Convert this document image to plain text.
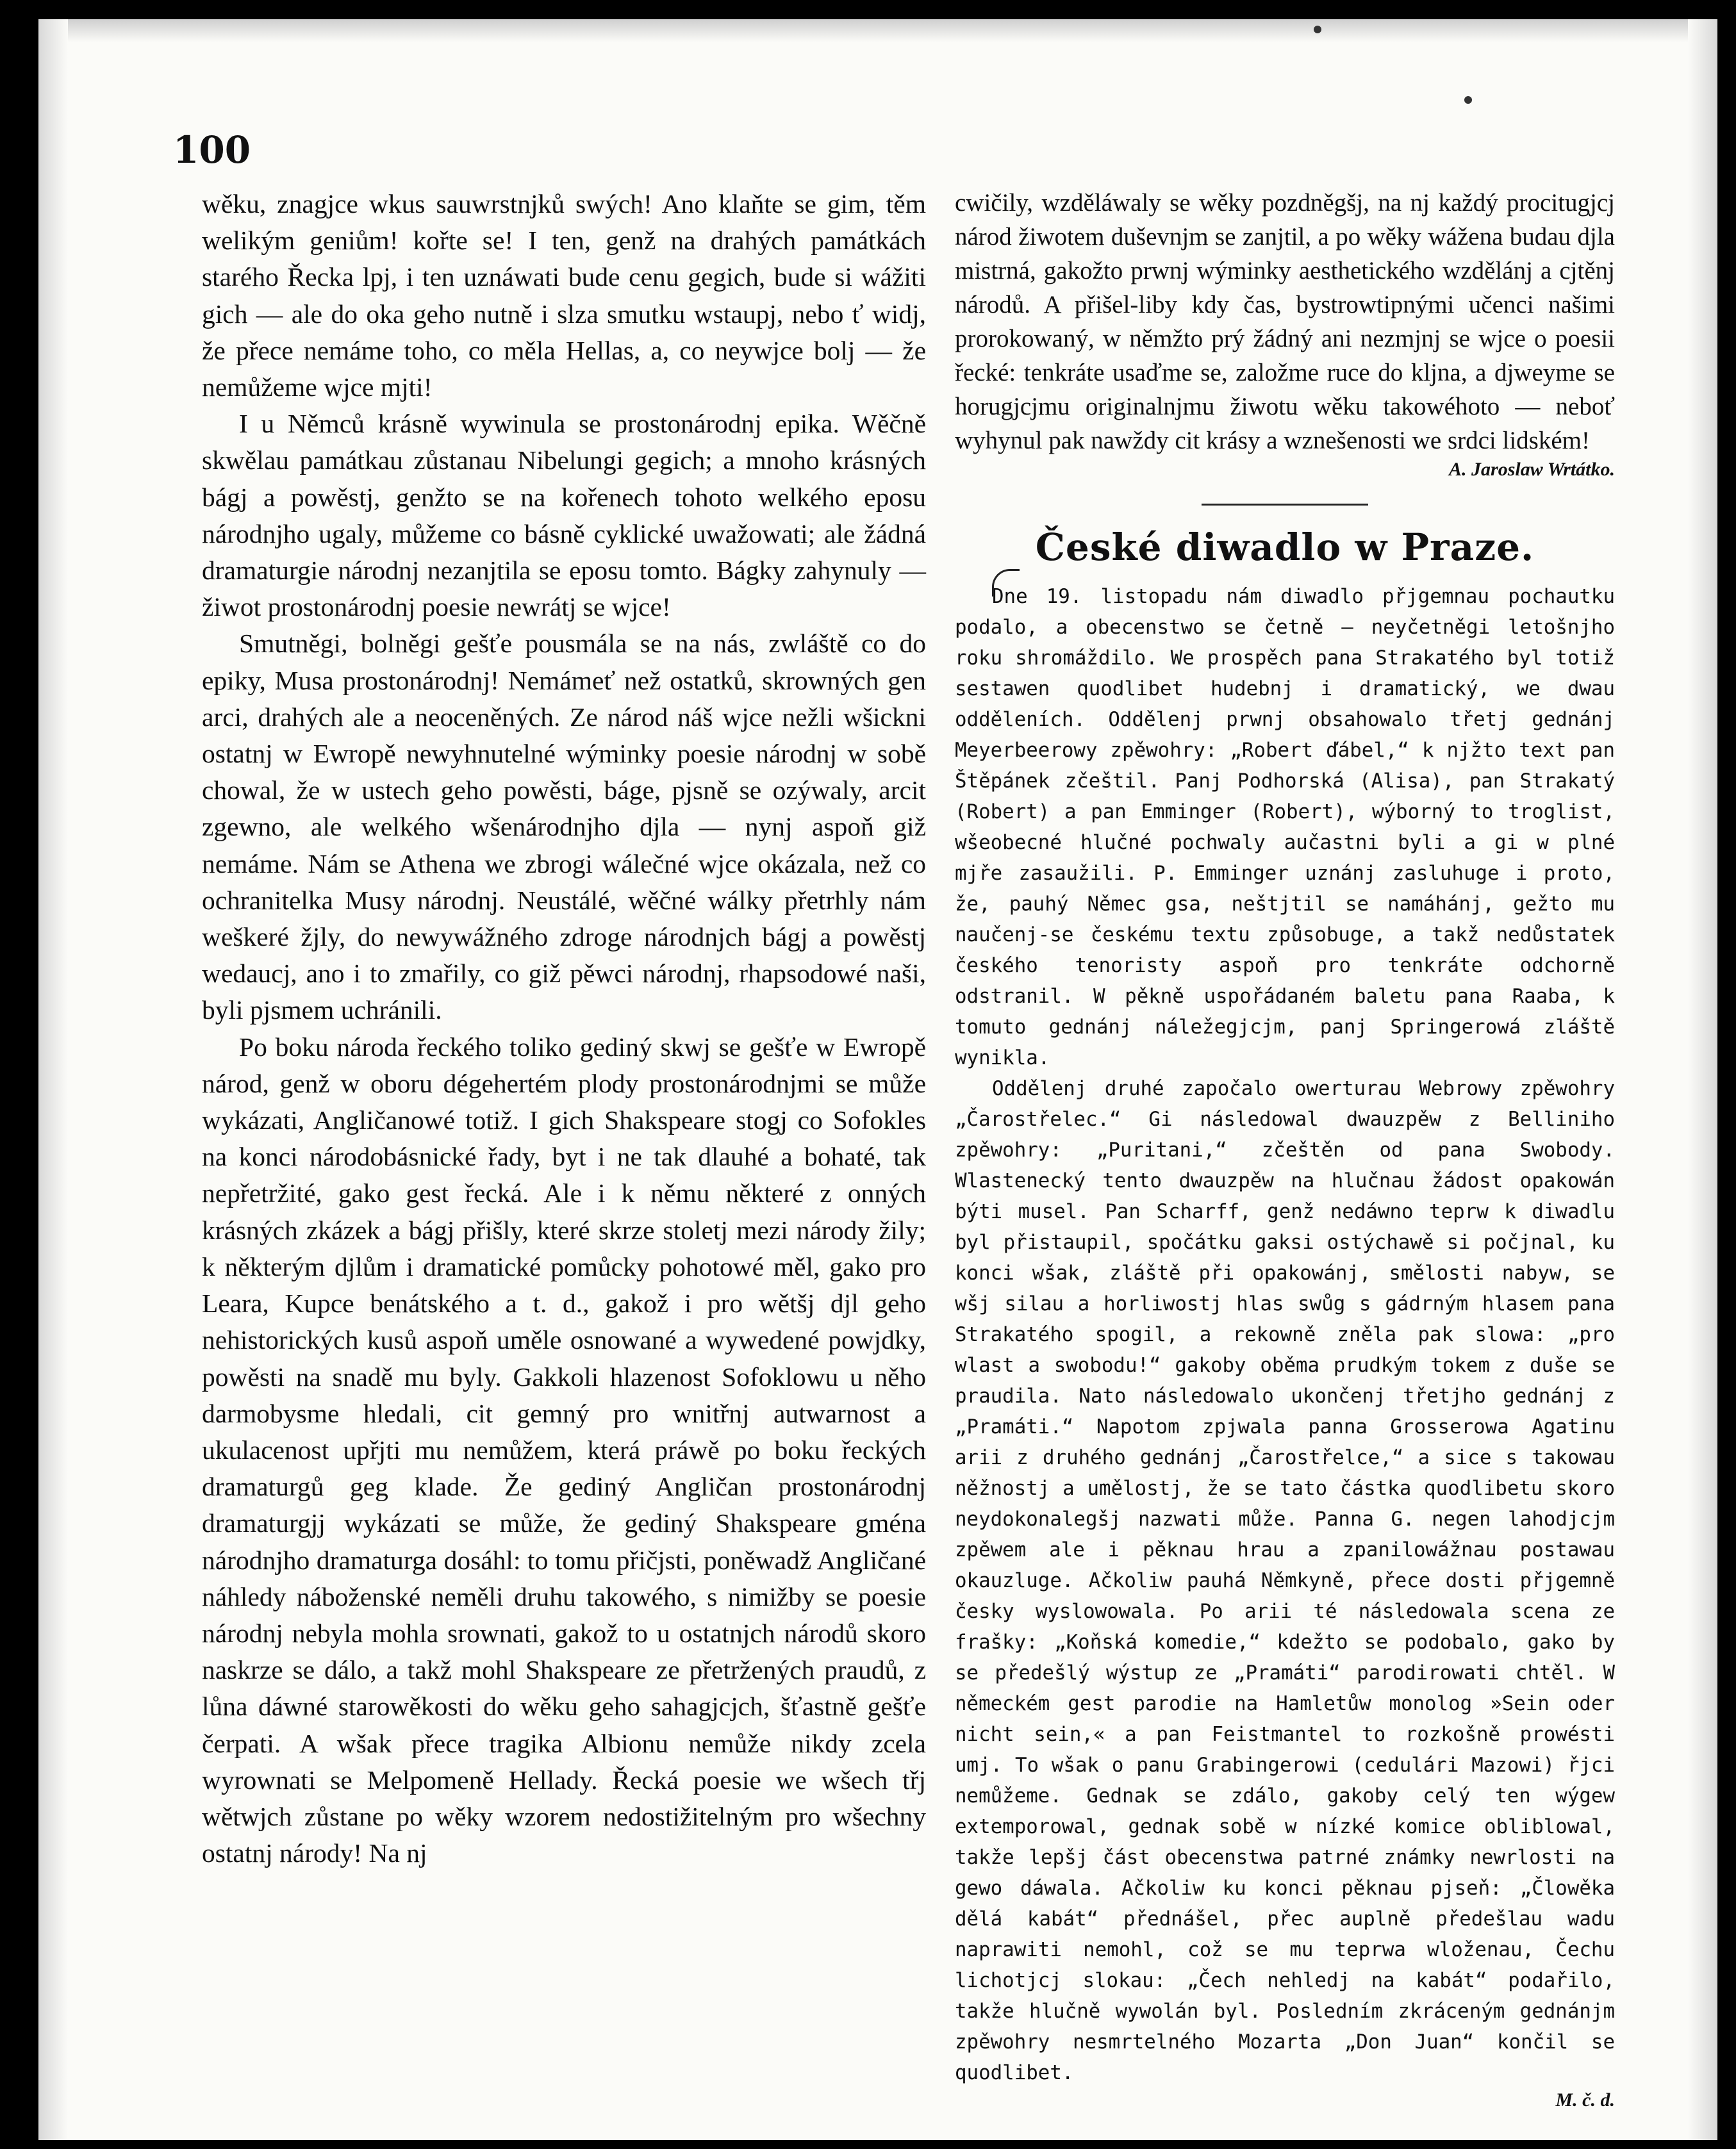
100

wěku, znagjce wkus sauwrstnjků swých! Ano klaňte se gim, těm welikým geniům! kořte se! I ten, genž na drahých památkách starého Řecka lpj, i ten uznáwati bude cenu gegich, bude si wážiti gich — ale do oka geho nutně i slza smutku wstaupj, nebo ť widj, že přece nemáme toho, co měla Hellas, a, co neywjce bolj — že nemůžeme wjce mjti!

I u Němců krásně wywinula se prostonárodnj epika. Wěčně skwělau památkau zůstanau Nibelungi gegich; a mnoho krásných bágj a powěstj, genžto se na kořenech tohoto welkého eposu národnjho ugaly, můžeme co básně cyklické uwažowati; ale žádná dramaturgie národnj nezanjtila se eposu tomto. Bágky zahynuly — žiwot prostonárodnj poesie newrátj se wjce!

Smutněgi, bolněgi gešťe pousmála se na nás, zwláště co do epiky, Musa prostonárodnj! Nemámeť než ostatků, skrowných gen arci, drahých ale a neoceněných. Ze národ náš wjce nežli wšickni ostatnj w Ewropě newyhnutelné wýminky poesie národnj w sobě chowal, že w ustech geho powěsti, báge, pjsně se ozýwaly, arcit zgewno, ale welkého wšenárodnjho djla — nynj aspoň giž nemáme. Nám se Athena we zbrogi wálečné wjce okázala, než co ochranitelka Musy národnj. Neustálé, wěčné wálky přetrhly nám weškeré žjly, do newywážného zdroge národnjch bágj a powěstj wedaucj, ano i to zmařily, co giž pěwci národnj, rhapsodowé naši, byli pjsmem uchránili.

Po boku národa řeckého toliko gediný skwj se gešťe w Ewropě národ, genž w oboru dégehertém plody prostonárodnjmi se může wykázati, Angličanowé totiž. I gich Shakspeare stogj co Sofokles na konci národobásnické řady, byt i ne tak dlauhé a bohaté, tak nepřetržité, gako gest řecká. Ale i k němu některé z onných krásných zkázek a bágj přišly, které skrze stoletj mezi národy žily; k některým djlům i dramatické pomůcky pohotowé měl, gako pro Leara, Kupce benátského a t. d., gakož i pro wětšj djl geho nehistorických kusů aspoň uměle osnowané a wywedené powjdky, powěsti na snadě mu byly. Gakkoli hlazenost Sofoklowu u něho darmobysme hledali, cit gemný pro wnitřnj autwarnost a ukulacenost upřjti mu nemůžem, která práwě po boku řeckých dramaturgů geg klade. Že gediný Angličan prostonárodnj dramaturgjj wykázati se může, že gediný Shakspeare gména národnjho dramaturga dosáhl: to tomu přičjsti, poněwadž Angličané náhledy náboženské neměli druhu takowého, s nimižby se poesie národnj nebyla mohla srownati, gakož to u ostatnjch národů skoro naskrze se dálo, a takž mohl Shakspeare ze přetržených praudů, z lůna dáwné starowěkosti do wěku geho sahagjcjch, šťastně gešťe čerpati. A wšak přece tragika Albionu nemůže nikdy zcela wyrownati se Melpomeně Hellady. Řecká poesie we wšech třj wětwjch zůstane po wěky wzorem nedostižitelným pro wšechny ostatnj národy! Na nj

cwičily, wzděláwaly se wěky pozdněgšj, na nj každý procitugjcj národ žiwotem duševnjm se zanjtil, a po wěky wážena budau djla mistrná, gakožto prwnj wýminky aesthetického wzdělánj a cjtěnj národů. A přišel-liby kdy čas, bystrowtipnými učenci našimi prorokowaný, w němžto prý žádný ani nezmjnj se wjce o poesii řecké: tenkráte usaďme se, založme ruce do kljna, a djweyme se horugjcjmu originalnjmu žiwotu wěku takowéhoto — neboť wyhynul pak nawždy cit krásy a wznešenosti we srdci lidském!

A. Jaroslaw Wrtátko.
České diwadlo w Praze.

Dne 19. listopadu nám diwadlo přjgemnau pochautku podalo, a obecenstwo se četně — neyčetněgi letošnjho roku shromáždilo. We prospěch pana Strakatého byl totiž sestawen quodlibet hudebnj i dramatický, we dwau odděleních. Oddělenj prwnj obsahowalo třetj gednánj Meyerbeerowy zpěwohry: „Robert ďábel,“ k njžto text pan Štěpánek zčeštil. Panj Podhorská (Alisa), pan Strakatý (Robert) a pan Emminger (Robert), wýborný to troglist, wšeobecné hlučné pochwaly aučastni byli a gi w plné mjře zasaužili. P. Emminger uznánj zasluhuge i proto, že, pauhý Němec gsa, neštjtil se namáhánj, gežto mu naučenj-se českému textu způsobuge, a takž nedůstatek českého tenoristy aspoň pro tenkráte odchorně odstranil. W pěkně uspořádaném baletu pana Raaba, k tomuto gednánj náležegjcjm, panj Springerowá zláště wynikla.

Oddělenj druhé započalo owerturau Webrowy zpěwohry „Čarostřelec.“ Gi následowal dwauzpěw z Belliniho zpěwohry: „Puritani,“ zčeštěn od pana Swobody. Wlastenecký tento dwauzpěw na hlučnau žádost opakowán býti musel. Pan Scharff, genž nedáwno teprw k diwadlu byl přistaupil, spočátku gaksi ostýchawě si počjnal, ku konci wšak, zláště při opakowánj, smělosti nabyw, se wšj silau a horliwostj hlas swůg s gádrným hlasem pana Strakatého spogil, a rekowně zněla pak slowa: „pro wlast a swobodu!“ gakoby oběma prudkým tokem z duše se praudila. Nato následowalo ukončenj třetjho gednánj z „Pramáti.“ Napotom zpjwala panna Grosserowa Agatinu arii z druhého gednánj „Čarostřelce,“ a sice s takowau něžnostj a umělostj, že se tato částka quodlibetu skoro neydokonalegšj nazwati může. Panna G. negen lahodjcjm zpěwem ale i pěknau hrau a zpanilowážnau postawau okauzluge. Ačkoliw pauhá Němkyně, přece dosti přjgemně česky wyslowowala. Po arii té následowala scena ze frašky: „Koňská komedie,“ kdežto se podobalo, gako by se předešlý wýstup ze „Pramáti“ parodirowati chtěl. W německém gest parodie na Hamletůw monolog »Sein oder nicht sein,« a pan Feistmantel to rozkošně prowésti umj. To wšak o panu Grabingerowi (cedulári Mazowi) řjci nemůžeme. Gednak se zdálo, gakoby celý ten wýgew extemporowal, gednak sobě w nízké komice obliblowal, takže lepšj část obecenstwa patrné známky newrlosti na gewo dáwala. Ačkoliw ku konci pěknau pjseň: „Člowěka dělá kabát“ přednášel, přec auplně předešlau wadu naprawiti nemohl, což se mu teprwa wloženau, Čechu lichotjcj slokau: „Čech nehledj na kabát“ podařilo, takže hlučně wywolán byl. Posledním zkráceným gednánjm zpěwohry nesmrtelného Mozarta „Don Juan“ končil se quodlibet.

M. č. d.
